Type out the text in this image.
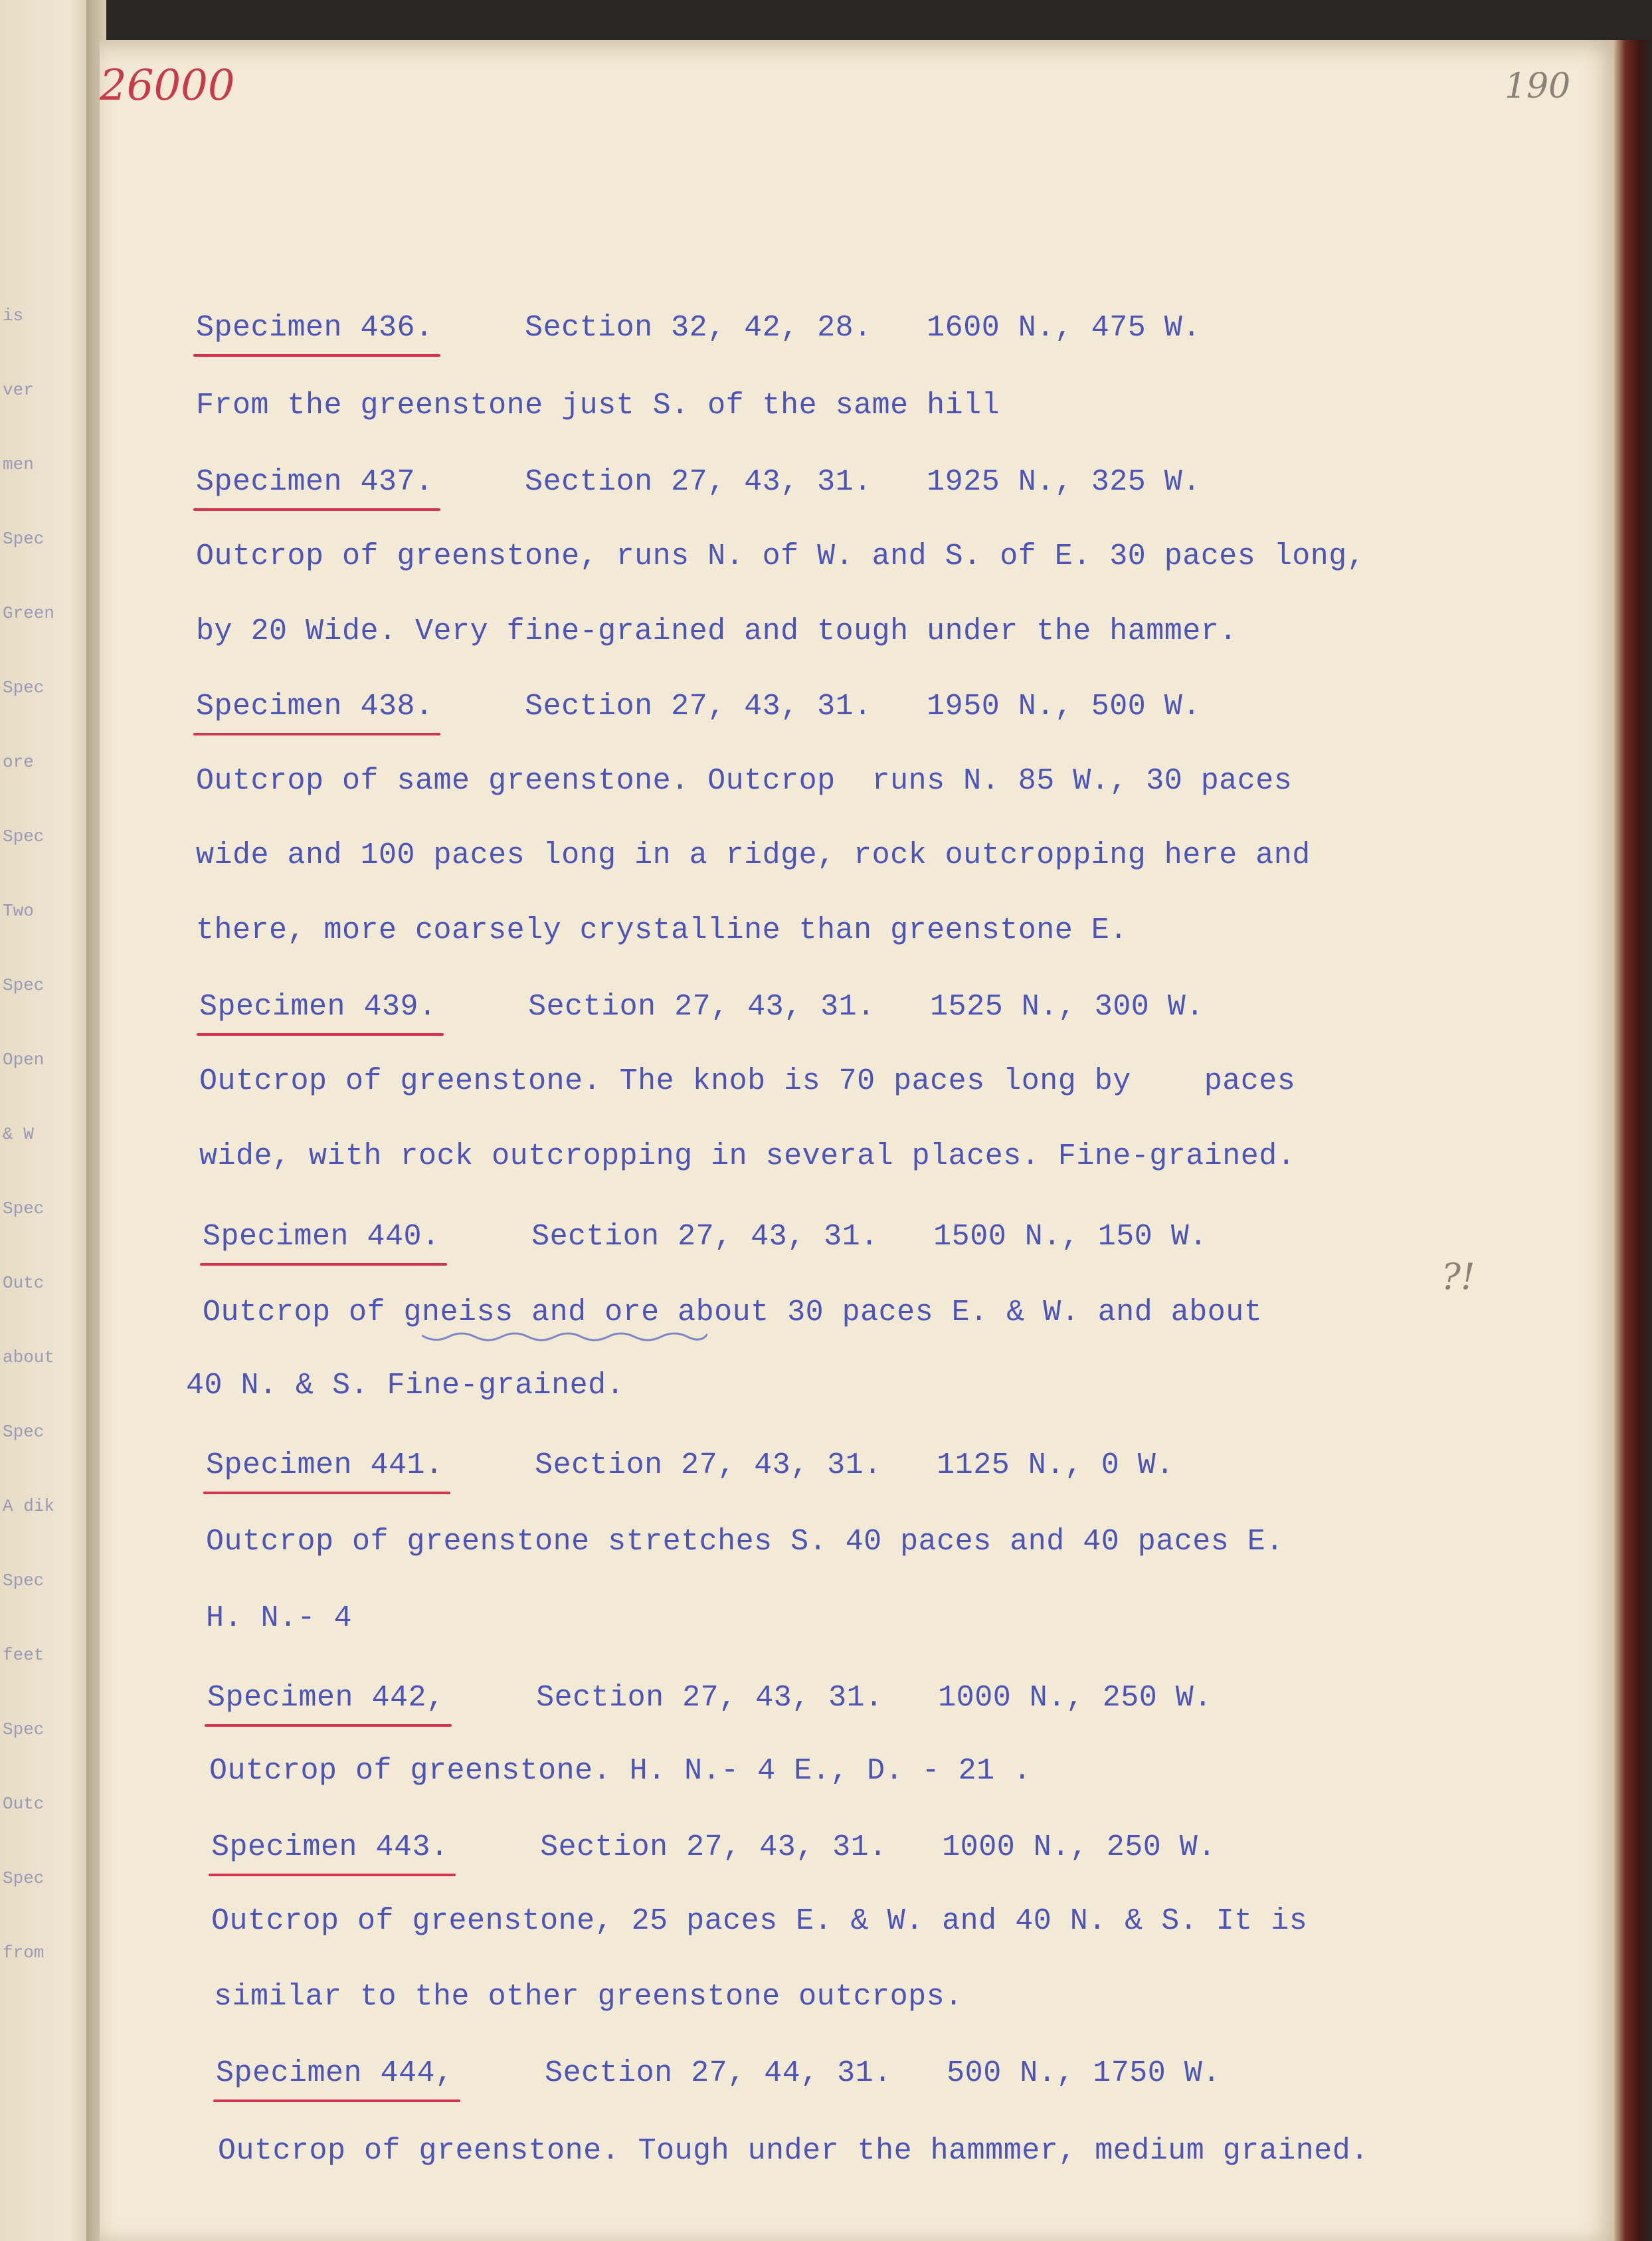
is
ver
men
Spec
Green
Spec
ore
Spec
Two
Spec
Open
& W
Spec
Outc
about
Spec
A dik
Spec
feet
Spec
Outc
Spec
from
26000	190
?!
Specimen 436.     Section 32, 42, 28.   1600 N., 475 W.
From the greenstone just S. of the same hill
Specimen 437.     Section 27, 43, 31.   1925 N., 325 W.
Outcrop of greenstone, runs N. of W. and S. of E. 30 paces long,
by 20 Wide. Very fine-grained and tough under the hammer.
Specimen 438.     Section 27, 43, 31.   1950 N., 500 W.
Outcrop of same greenstone. Outcrop  runs N. 85 W., 30 paces
wide and 100 paces long in a ridge, rock outcropping here and
there, more coarsely crystalline than greenstone E.
Specimen 439.     Section 27, 43, 31.   1525 N., 300 W.
Outcrop of greenstone. The knob is 70 paces long by    paces
wide, with rock outcropping in several places. Fine-grained.
Specimen 440.     Section 27, 43, 31.   1500 N., 150 W.
Outcrop of gneiss and ore about 30 paces E. & W. and about
40 N. & S. Fine-grained.
Specimen 441.     Section 27, 43, 31.   1125 N., 0 W.
Outcrop of greenstone stretches S. 40 paces and 40 paces E.
H. N.- 4
Specimen 442,     Section 27, 43, 31.   1000 N., 250 W.
Outcrop of greenstone. H. N.- 4 E., D. - 21 .
Specimen 443.     Section 27, 43, 31.   1000 N., 250 W.
Outcrop of greenstone, 25 paces E. & W. and 40 N. & S. It is
similar to the other greenstone outcrops.
Specimen 444,     Section 27, 44, 31.   500 N., 1750 W.
Outcrop of greenstone. Tough under the hammmer, medium grained.
